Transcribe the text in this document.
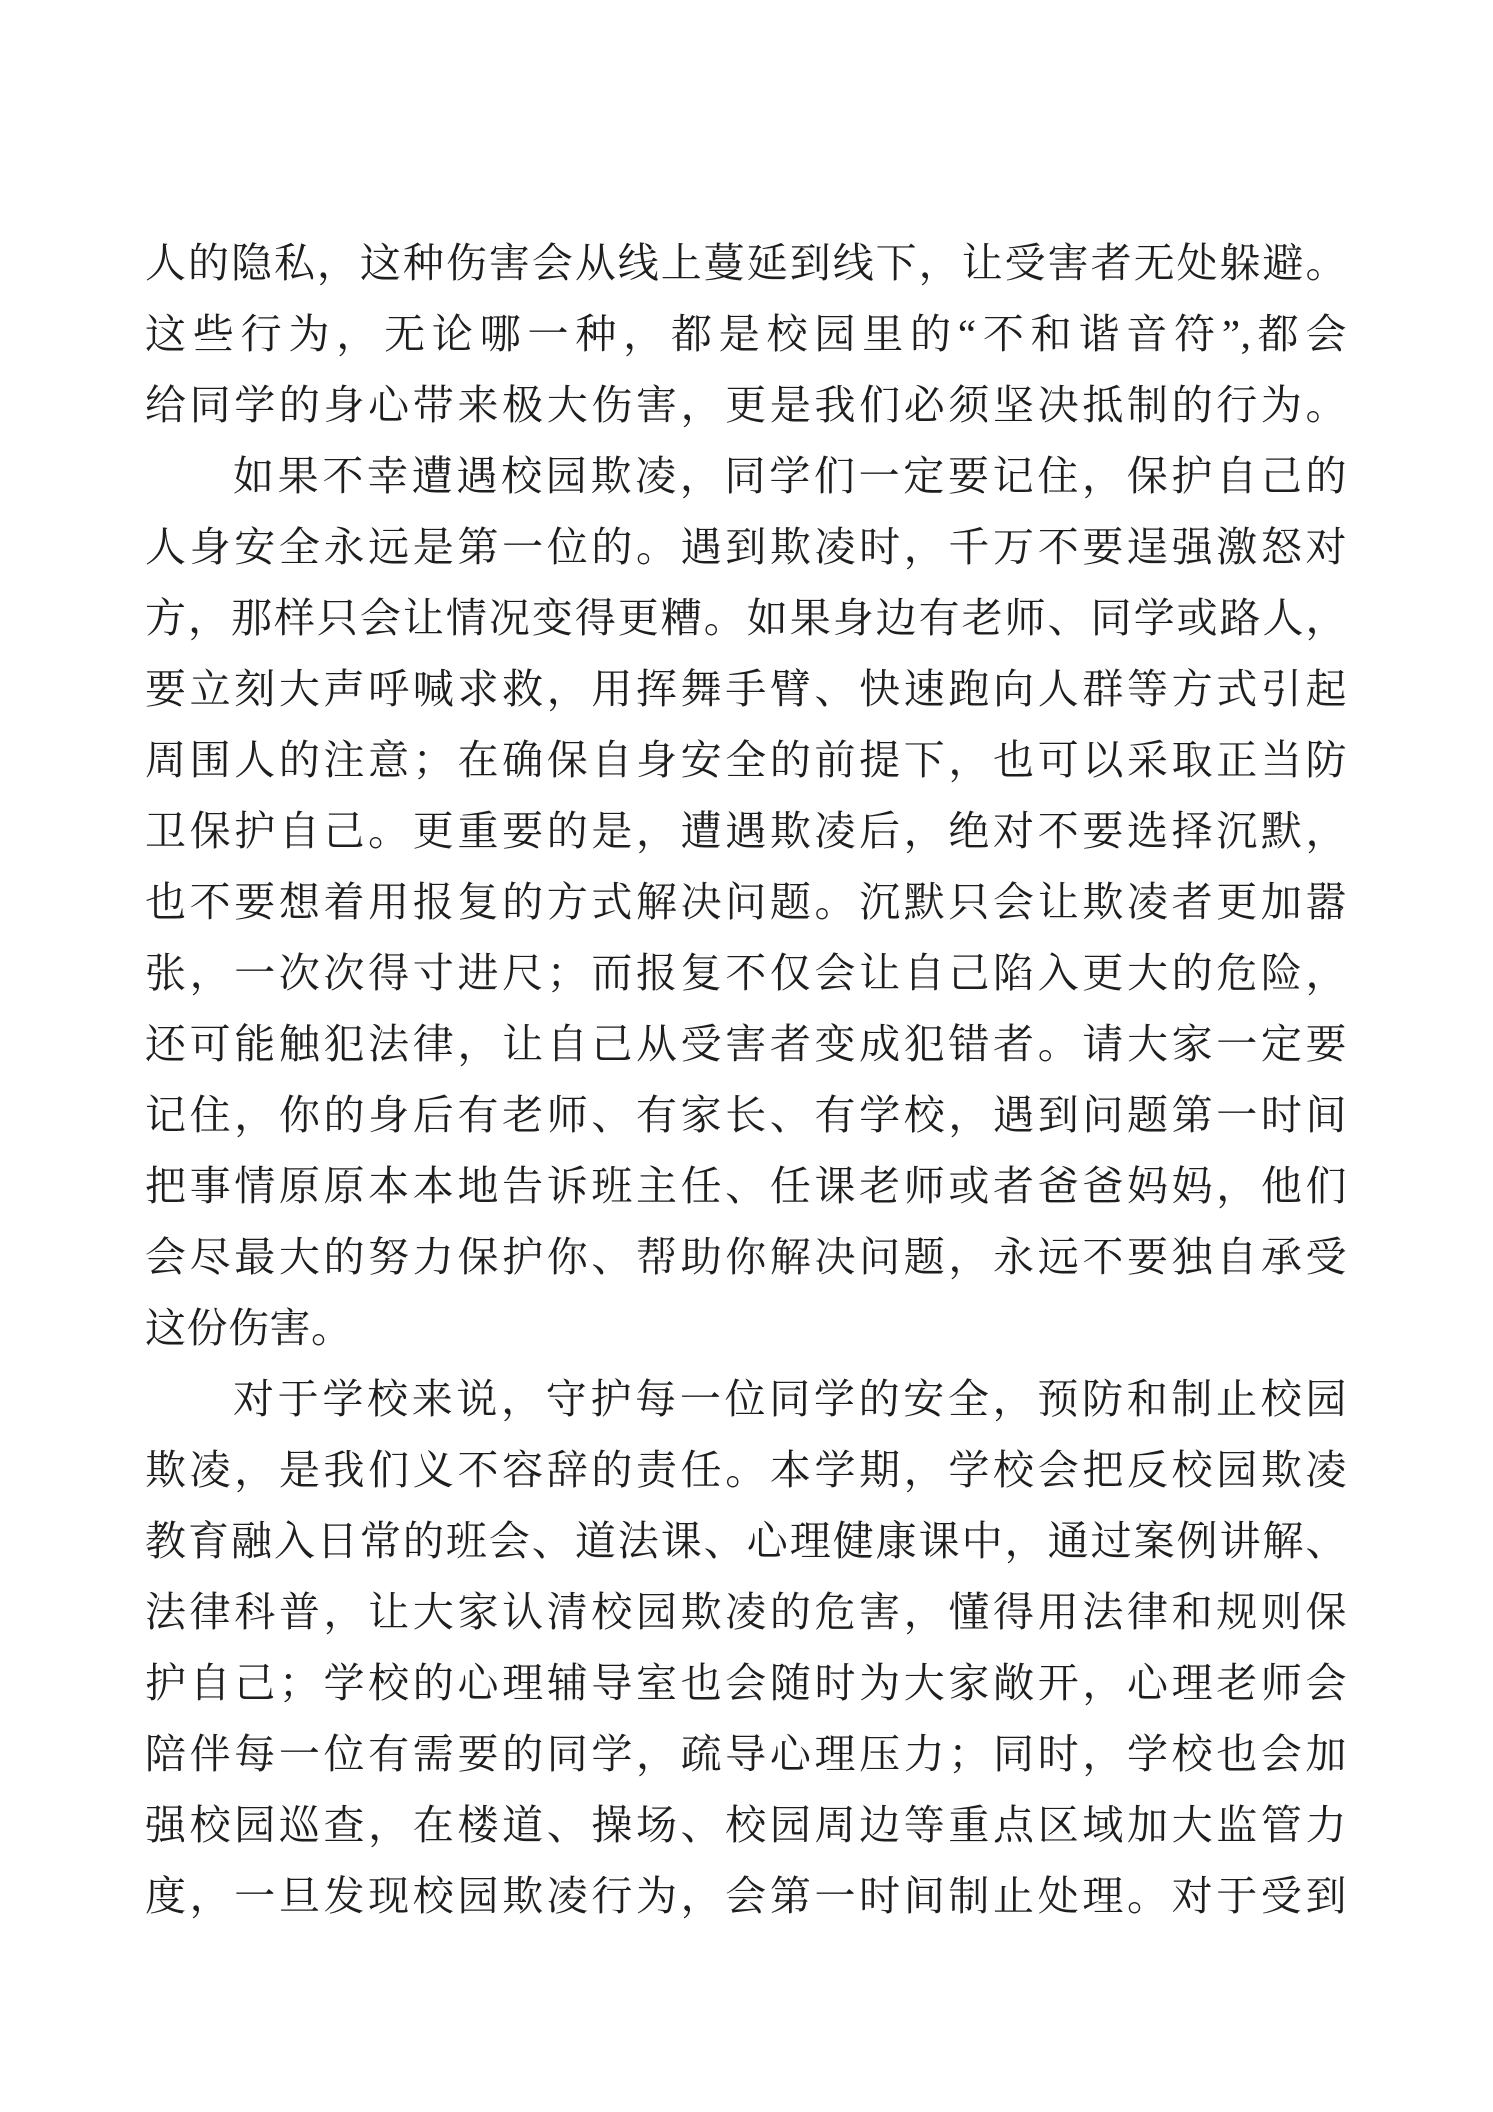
人的隐私，这种伤害会从线上蔓延到线下，让受害者无处躲避。
这些行为，无论哪一种，都是校园里的“不和谐音符”,都会
给同学的身心带来极大伤害，更是我们必须坚决抵制的行为。
如果不幸遭遇校园欺凌，同学们一定要记住，保护自己的
人身安全永远是第一位的。遇到欺凌时，千万不要逞强激怒对
方，那样只会让情况变得更糟。如果身边有老师、同学或路人，
要立刻大声呼喊求救，用挥舞手臂、快速跑向人群等方式引起
周围人的注意；在确保自身安全的前提下，也可以采取正当防
卫保护自己。更重要的是，遭遇欺凌后，绝对不要选择沉默，
也不要想着用报复的方式解决问题。沉默只会让欺凌者更加嚣
张，一次次得寸进尺；而报复不仅会让自己陷入更大的危险，
还可能触犯法律，让自己从受害者变成犯错者。请大家一定要
记住，你的身后有老师、有家长、有学校，遇到问题第一时间
把事情原原本本地告诉班主任、任课老师或者爸爸妈妈，他们
会尽最大的努力保护你、帮助你解决问题，永远不要独自承受
这份伤害。
对于学校来说，守护每一位同学的安全，预防和制止校园
欺凌，是我们义不容辞的责任。本学期，学校会把反校园欺凌
教育融入日常的班会、道法课、心理健康课中，通过案例讲解、
法律科普，让大家认清校园欺凌的危害，懂得用法律和规则保
护自己；学校的心理辅导室也会随时为大家敞开，心理老师会
陪伴每一位有需要的同学，疏导心理压力；同时，学校也会加
强校园巡查，在楼道、操场、校园周边等重点区域加大监管力
度，一旦发现校园欺凌行为，会第一时间制止处理。对于受到
